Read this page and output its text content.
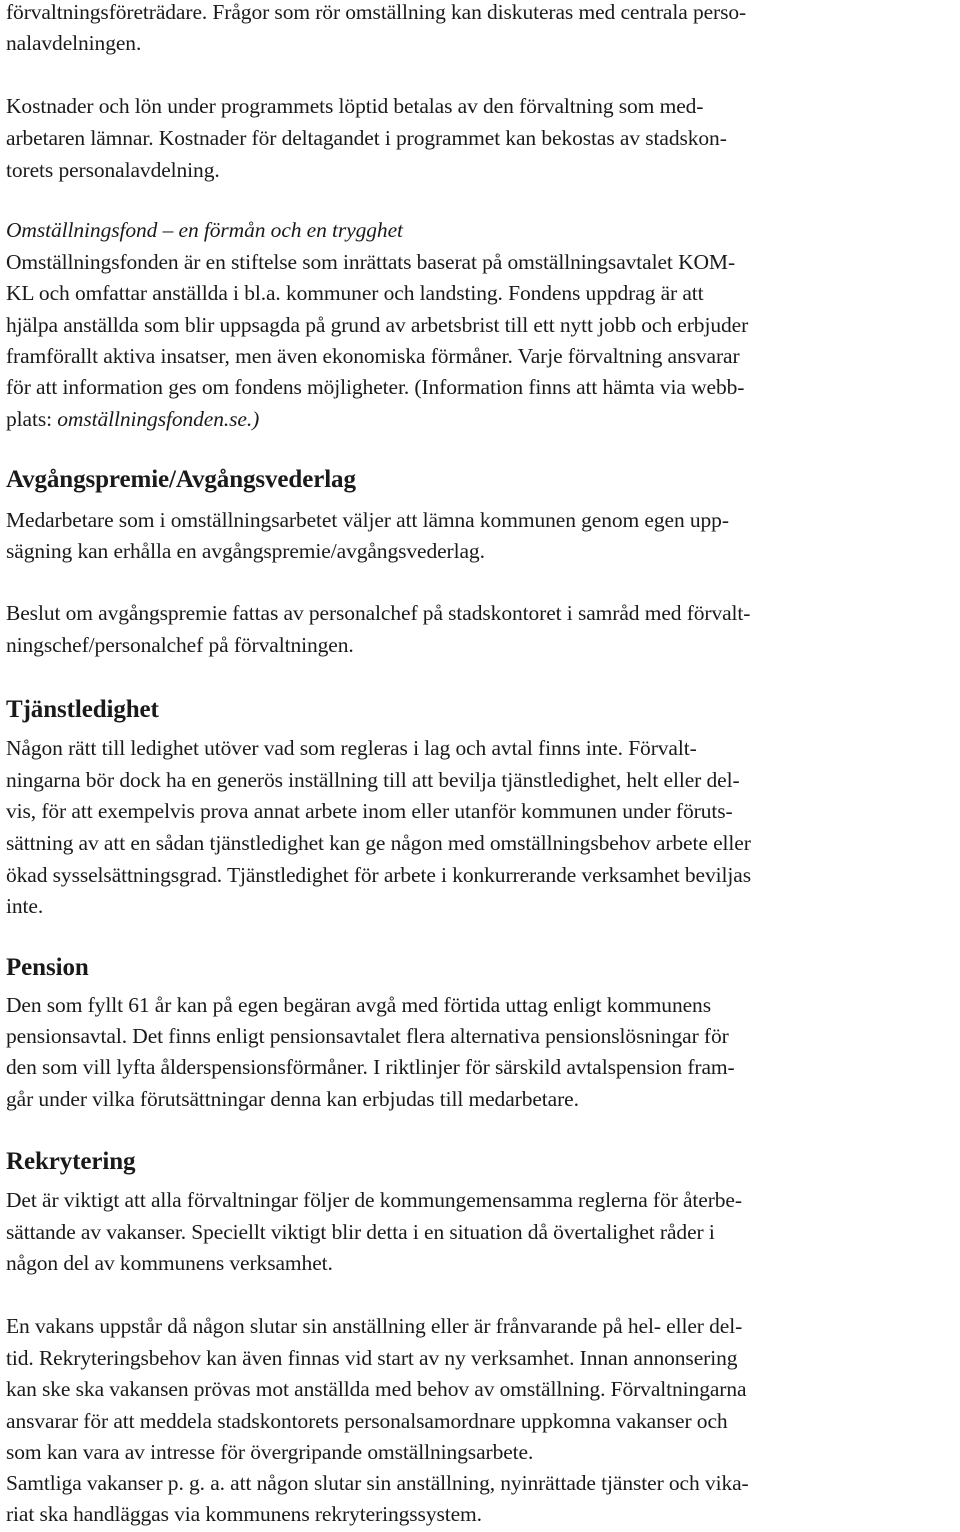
förvaltningsföreträdare. Frågor som rör omställning kan diskuteras med centrala perso-
nalavdelningen.
Kostnader och lön under programmets löptid betalas av den förvaltning som med-
arbetaren lämnar. Kostnader för deltagandet i programmet kan bekostas av stadskon-
torets personalavdelning.
Omställningsfond – en förmån och en trygghet
Omställningsfonden är en stiftelse som inrättats baserat på omställningsavtalet KOM-
KL och omfattar anställda i bl.a. kommuner och landsting. Fondens uppdrag är att
hjälpa anställda som blir uppsagda på grund av arbetsbrist till ett nytt jobb och erbjuder
framförallt aktiva insatser, men även ekonomiska förmåner. Varje förvaltning ansvarar
för att information ges om fondens möjligheter. (Information finns att hämta via webb-
plats: omställningsfonden.se.)
Avgångspremie/Avgångsvederlag
Medarbetare som i omställningsarbetet väljer att lämna kommunen genom egen upp-
sägning kan erhålla en avgångspremie/avgångsvederlag.
Beslut om avgångspremie fattas av personalchef på stadskontoret i samråd med förvalt-
ningschef/personalchef på förvaltningen.
Tjänstledighet
Någon rätt till ledighet utöver vad som regleras i lag och avtal finns inte. Förvalt-
ningarna bör dock ha en generös inställning till att bevilja tjänstledighet, helt eller del-
vis, för att exempelvis prova annat arbete inom eller utanför kommunen under föruts-
sättning av att en sådan tjänstledighet kan ge någon med omställningsbehov arbete eller
ökad sysselsättningsgrad. Tjänstledighet för arbete i konkurrerande verksamhet beviljas
inte.
Pension
Den som fyllt 61 år kan på egen begäran avgå med förtida uttag enligt kommunens
pensionsavtal. Det finns enligt pensionsavtalet flera alternativa pensionslösningar för
den som vill lyfta ålderspensionsförmåner. I riktlinjer för särskild avtalspension fram-
går under vilka förutsättningar denna kan erbjudas till medarbetare.
Rekrytering
Det är viktigt att alla förvaltningar följer de kommungemensamma reglerna för återbe-
sättande av vakanser. Speciellt viktigt blir detta i en situation då övertalighet råder i
någon del av kommunens verksamhet.
En vakans uppstår då någon slutar sin anställning eller är frånvarande på hel- eller del-
tid. Rekryteringsbehov kan även finnas vid start av ny verksamhet. Innan annonsering
kan ske ska vakansen prövas mot anställda med behov av omställning. Förvaltningarna
ansvarar för att meddela stadskontorets personalsamordnare uppkomna vakanser och
som kan vara av intresse för övergripande omställningsarbete.
Samtliga vakanser p. g. a. att någon slutar sin anställning, nyinrättade tjänster och vika-
riat ska handläggas via kommunens rekryteringssystem.
